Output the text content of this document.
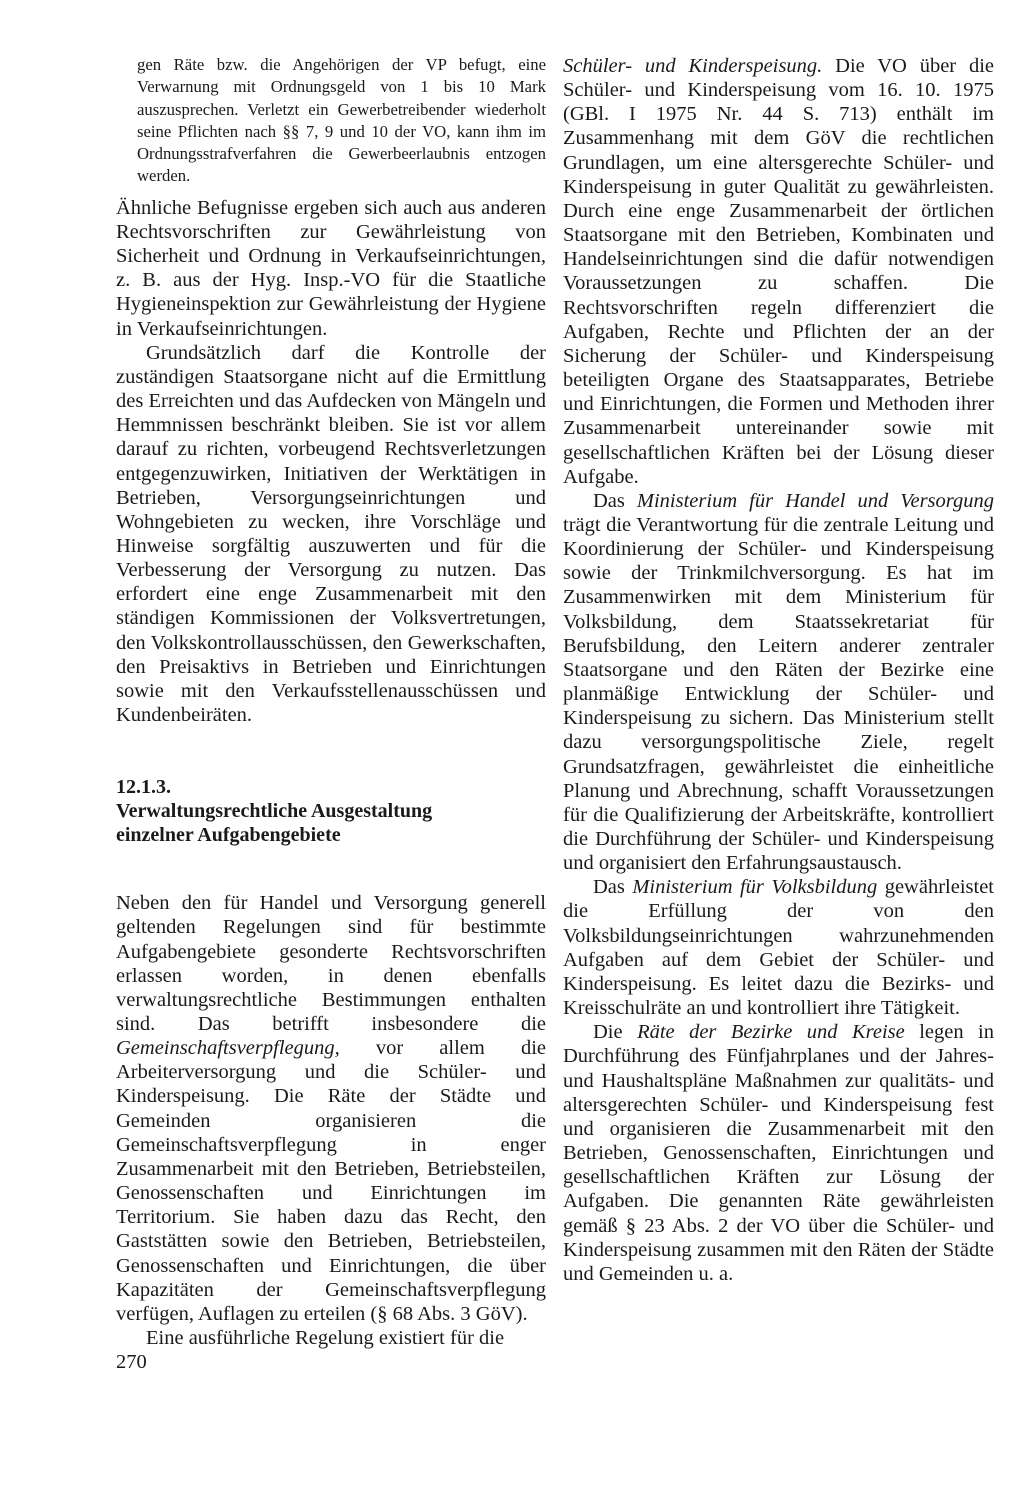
gen Räte bzw. die Angehörigen der VP befugt, eine Verwarnung mit Ordnungsgeld von 1 bis 10 Mark auszusprechen. Verletzt ein Gewerbetreibender wiederholt seine Pflichten nach §§ 7, 9 und 10 der VO, kann ihm im Ordnungsstrafverfahren die Gewerbeerlaubnis entzogen werden.

Ähnliche Befugnisse ergeben sich auch aus anderen Rechtsvorschriften zur Gewährleistung von Sicherheit und Ordnung in Verkaufseinrichtungen, z. B. aus der Hyg. Insp.-VO für die Staatliche Hygieneinspektion zur Gewährleistung der Hygiene in Verkaufseinrichtungen.

Grundsätzlich darf die Kontrolle der zuständigen Staatsorgane nicht auf die Ermittlung des Erreichten und das Aufdecken von Mängeln und Hemmnissen beschränkt bleiben. Sie ist vor allem darauf zu richten, vorbeugend Rechtsverletzungen entgegenzuwirken, Initiativen der Werktätigen in Betrieben, Versorgungseinrichtungen und Wohngebieten zu wecken, ihre Vorschläge und Hinweise sorgfältig auszuwerten und für die Verbesserung der Versorgung zu nutzen. Das erfordert eine enge Zusammenarbeit mit den ständigen Kommissionen der Volksvertretungen, den Volkskontrollausschüssen, den Gewerkschaften, den Preisaktivs in Betrieben und Einrichtungen sowie mit den Verkaufsstellenausschüssen und Kundenbeiräten.

12.1.3.
Verwaltungsrechtliche Ausgestaltung
einzelner Aufgabengebiete

Neben den für Handel und Versorgung generell geltenden Regelungen sind für bestimmte Aufgabengebiete gesonderte Rechtsvorschriften erlassen worden, in denen ebenfalls verwaltungsrechtliche Bestimmungen enthalten sind. Das betrifft insbesondere die Gemeinschaftsverpflegung, vor allem die Arbeiterversorgung und die Schüler- und Kinderspeisung. Die Räte der Städte und Gemeinden organisieren die Gemeinschaftsverpflegung in enger Zusammenarbeit mit den Betrieben, Betriebsteilen, Genossenschaften und Einrichtungen im Territorium. Sie haben dazu das Recht, den Gaststätten sowie den Betrieben, Betriebsteilen, Genossenschaften und Einrichtungen, die über Kapazitäten der Gemeinschaftsverpflegung verfügen, Auflagen zu erteilen (§ 68 Abs. 3 GöV).

Eine ausführliche Regelung existiert für die

Schüler- und Kinderspeisung. Die VO über die Schüler- und Kinderspeisung vom 16. 10. 1975 (GBl. I 1975 Nr. 44 S. 713) enthält im Zusammenhang mit dem GöV die rechtlichen Grundlagen, um eine altersgerechte Schüler- und Kinderspeisung in guter Qualität zu gewährleisten. Durch eine enge Zusammenarbeit der örtlichen Staatsorgane mit den Betrieben, Kombinaten und Handelseinrichtungen sind die dafür notwendigen Voraussetzungen zu schaffen. Die Rechtsvorschriften regeln differenziert die Aufgaben, Rechte und Pflichten der an der Sicherung der Schüler- und Kinderspeisung beteiligten Organe des Staatsapparates, Betriebe und Einrichtungen, die Formen und Methoden ihrer Zusammenarbeit untereinander sowie mit gesellschaftlichen Kräften bei der Lösung dieser Aufgabe.

Das Ministerium für Handel und Versorgung trägt die Verantwortung für die zentrale Leitung und Koordinierung der Schüler- und Kinderspeisung sowie der Trinkmilchversorgung. Es hat im Zusammenwirken mit dem Ministerium für Volksbildung, dem Staatssekretariat für Berufsbildung, den Leitern anderer zentraler Staatsorgane und den Räten der Bezirke eine planmäßige Entwicklung der Schüler- und Kinderspeisung zu sichern. Das Ministerium stellt dazu versorgungspolitische Ziele, regelt Grundsatzfragen, gewährleistet die einheitliche Planung und Abrechnung, schafft Voraussetzungen für die Qualifizierung der Arbeitskräfte, kontrolliert die Durchführung der Schüler- und Kinderspeisung und organisiert den Erfahrungsaustausch.

Das Ministerium für Volksbildung gewährleistet die Erfüllung der von den Volksbildungseinrichtungen wahrzunehmenden Aufgaben auf dem Gebiet der Schüler- und Kinderspeisung. Es leitet dazu die Bezirks- und Kreisschulräte an und kontrolliert ihre Tätigkeit.

Die Räte der Bezirke und Kreise legen in Durchführung des Fünfjahrplanes und der Jahres- und Haushaltspläne Maßnahmen zur qualitäts- und altersgerechten Schüler- und Kinderspeisung fest und organisieren die Zusammenarbeit mit den Betrieben, Genossenschaften, Einrichtungen und gesellschaftlichen Kräften zur Lösung der Aufgaben. Die genannten Räte gewährleisten gemäß § 23 Abs. 2 der VO über die Schüler- und Kinderspeisung zusammen mit den Räten der Städte und Gemeinden u. a.

270
